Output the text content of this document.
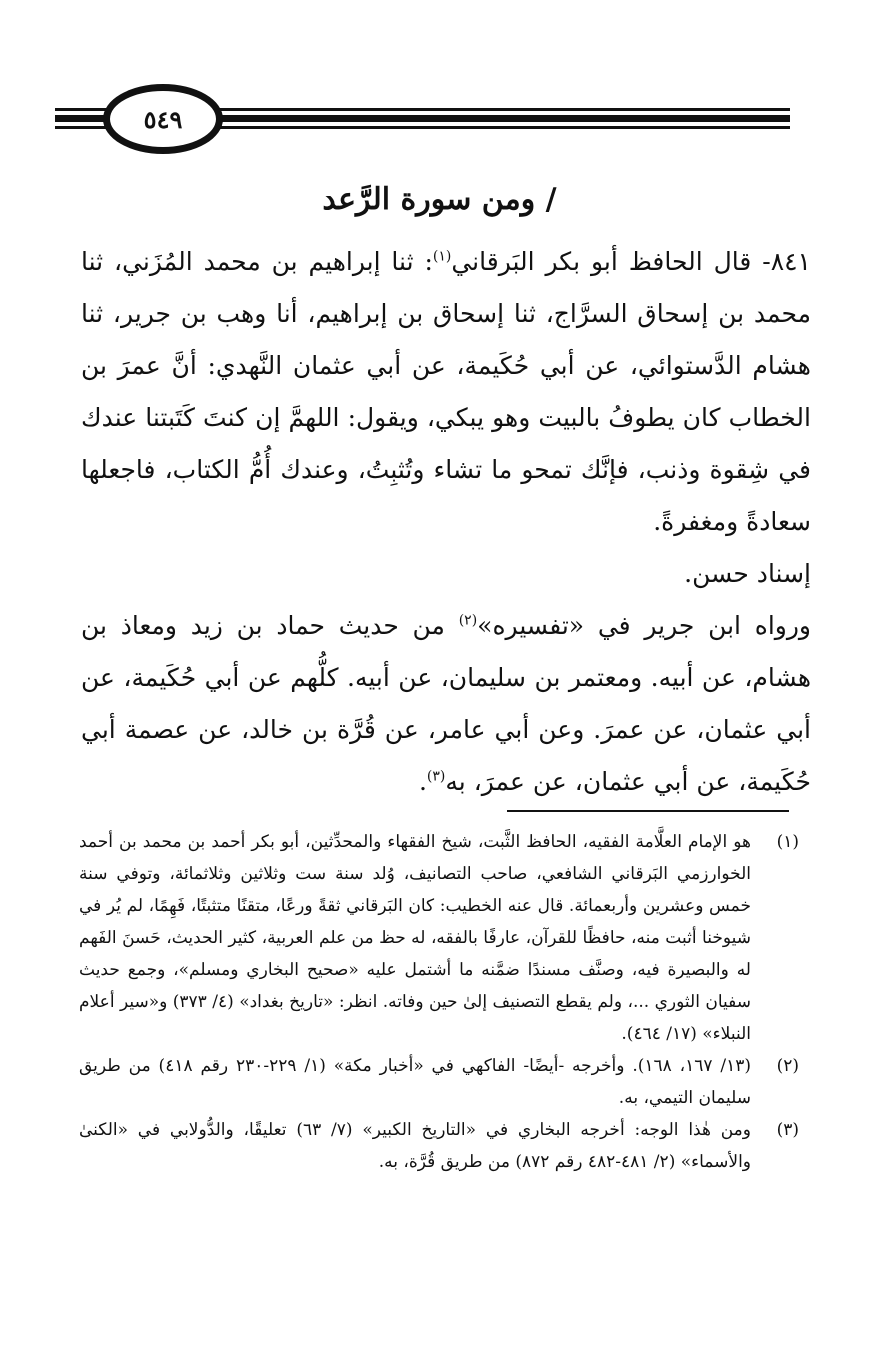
٥٤٩
/ ومن سورة الرَّعد

٨٤١- قال الحافظ أبو بكر البَرقاني$^{(١)}$: ثنا إبراهيم بن محمد المُزَني، ثنا محمد بن إسحاق السرَّاج، ثنا إسحاق بن إبراهيم، أنا وهب بن جرير، ثنا هشام الدَّستوائي، عن أبي حُكَيمة، عن أبي عثمان النَّهدي: أنَّ عمرَ بن الخطاب كان يطوفُ بالبيت وهو يبكي، ويقول: اللهمَّ إن كنتَ كَتَبتنا عندك في شِقوة وذنب، فإنَّك تمحو ما تشاء وتُثبِتُ، وعندك أُمُّ الكتاب، فاجعلها سعادةً ومغفرةً.

إسناد حسن.

ورواه ابن جرير في «تفسيره»$^{(٢)}$ من حديث حماد بن زيد ومعاذ بن هشام، عن أبيه. ومعتمر بن سليمان، عن أبيه. كلُّهم عن أبي حُكَيمة، عن أبي عثمان، عن عمرَ. وعن أبي عامر، عن قُرَّة بن خالد، عن عصمة أبي حُكَيمة، عن أبي عثمان، عن عمرَ، به$^{(٣)}$.

(١)
هو الإمام العلَّامة الفقيه، الحافظ الثَّبت، شيخ الفقهاء والمحدِّثين، أبو بكر أحمد بن محمد بن أحمد الخوارزمي البَرقاني الشافعي، صاحب التصانيف، وُلد سنة ست وثلاثين وثلاثمائة، وتوفي سنة خمس وعشرين وأربعمائة. قال عنه الخطيب: كان البَرقاني ثقةً ورعًا، متقنًا متثبتًا، فَهِمًا، لم يُر في شيوخنا أثبت منه، حافظًا للقرآن، عارفًا بالفقه، له حظ من علم العربية، كثير الحديث، حَسنَ الفَهم له والبصيرة فيه، وصنَّف مسندًا ضمَّنه ما أشتمل عليه «صحيح البخاري ومسلم»، وجمع حديث سفيان الثوري ...، ولم يقطع التصنيف إلىٰ حين وفاته. انظر: «تاريخ بغداد» (٤/ ٣٧٣) و«سير أعلام النبلاء» (١٧/ ٤٦٤).
(٢)
(١٣/ ١٦٧، ١٦٨). وأخرجه -أيضًا- الفاكهي في «أخبار مكة» (١/ ٢٢٩-٢٣٠ رقم ٤١٨) من طريق سليمان التيمي، به.
(٣)
ومن هٰذا الوجه: أخرجه البخاري في «التاريخ الكبير» (٧/ ٦٣) تعليقًا، والدُّولابي في «الكنىٰ والأسماء» (٢/ ٤٨١-٤٨٢ رقم ٨٧٢) من طريق قُرَّة، به.
